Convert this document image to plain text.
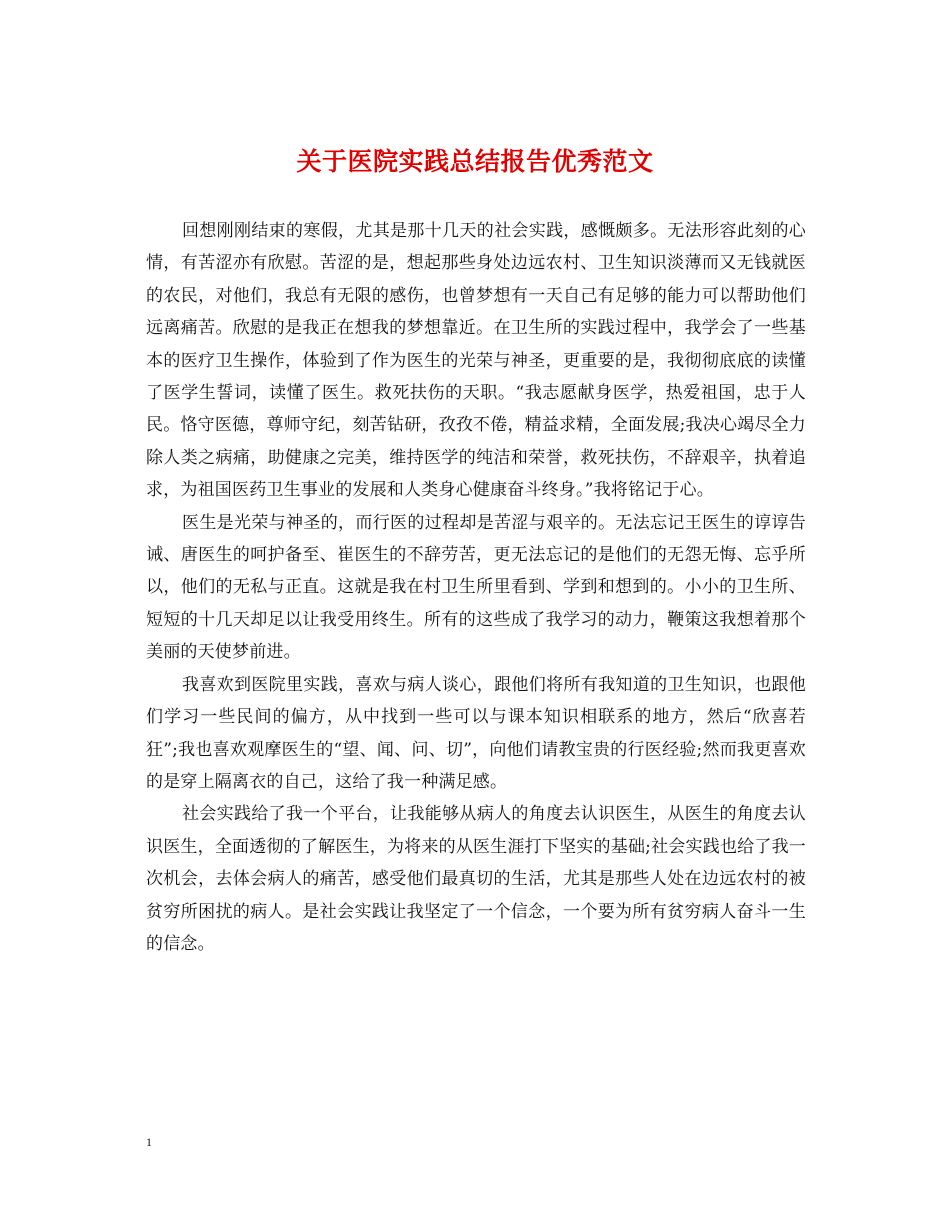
关于医院实践总结报告优秀范文

回想刚刚结束的寒假，尤其是那十几天的社会实践，感慨颇多。无法形容此刻的心情，有苦涩亦有欣慰。苦涩的是，想起那些身处边远农村、卫生知识淡薄而又无钱就医的农民，对他们，我总有无限的感伤，也曾梦想有一天自己有足够的能力可以帮助他们远离痛苦。欣慰的是我正在想我的梦想靠近。在卫生所的实践过程中，我学会了一些基本的医疗卫生操作，体验到了作为医生的光荣与神圣，更重要的是，我彻彻底底的读懂了医学生誓词，读懂了医生。救死扶伤的天职。“我志愿献身医学，热爱祖国，忠于人民。恪守医德，尊师守纪，刻苦钻研，孜孜不倦，精益求精，全面发展;我决心竭尽全力除人类之病痛，助健康之完美，维持医学的纯洁和荣誉，救死扶伤，不辞艰辛，执着追求，为祖国医药卫生事业的发展和人类身心健康奋斗终身。”我将铭记于心。

医生是光荣与神圣的，而行医的过程却是苦涩与艰辛的。无法忘记王医生的谆谆告诫、唐医生的呵护备至、崔医生的不辞劳苦，更无法忘记的是他们的无怨无悔、忘乎所以，他们的无私与正直。这就是我在村卫生所里看到、学到和想到的。小小的卫生所、短短的十几天却足以让我受用终生。所有的这些成了我学习的动力，鞭策这我想着那个美丽的天使梦前进。

我喜欢到医院里实践，喜欢与病人谈心，跟他们将所有我知道的卫生知识，也跟他们学习一些民间的偏方，从中找到一些可以与课本知识相联系的地方，然后“欣喜若狂”;我也喜欢观摩医生的“望、闻、问、切”，向他们请教宝贵的行医经验;然而我更喜欢的是穿上隔离衣的自己，这给了我一种满足感。

社会实践给了我一个平台，让我能够从病人的角度去认识医生，从医生的角度去认识医生，全面透彻的了解医生，为将来的从医生涯打下坚实的基础;社会实践也给了我一次机会，去体会病人的痛苦，感受他们最真切的生活，尤其是那些人处在边远农村的被贫穷所困扰的病人。是社会实践让我坚定了一个信念，一个要为所有贫穷病人奋斗一生的信念。

1
